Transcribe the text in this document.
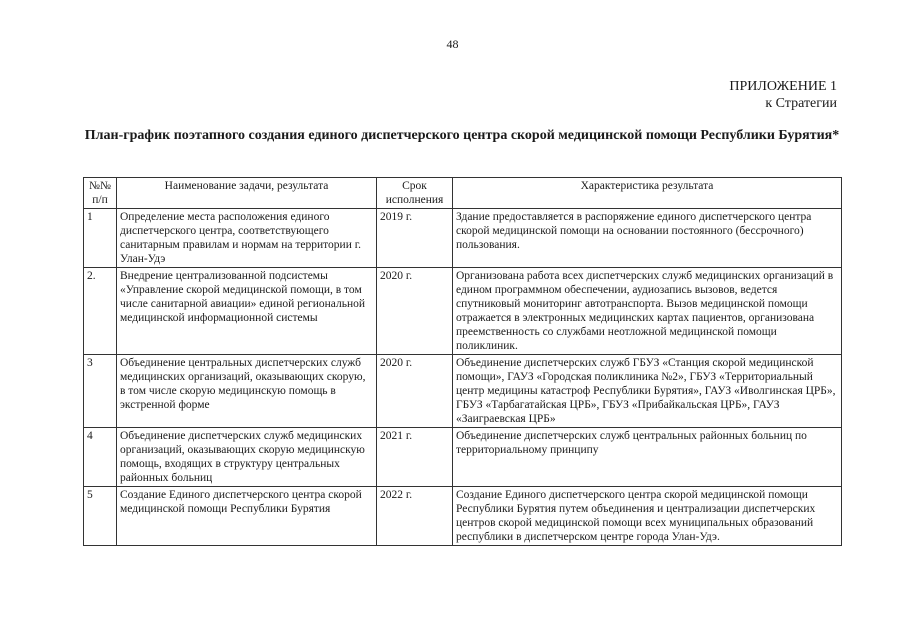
48
ПРИЛОЖЕНИЕ 1
к Стратегии
План-график поэтапного создания единого диспетчерского центра скорой медицинской помощи Республики Бурятия*
№№ п/п	Наименование задачи, результата	Срок исполнения	Характеристика результата
1	Определение места расположения единого диспетчерского центра, соответствующего санитарным правилам и нормам на территории г. Улан-Удэ	2019 г.	Здание предоставляется в распоряжение единого диспетчерского центра скорой медицинской помощи на основании постоянного (бессрочного) пользования.
2.	Внедрение централизованной подсистемы «Управление скорой медицинской помощи, в том числе санитарной авиации» единой региональной медицинской информационной системы	2020 г.	Организована работа всех диспетчерских служб медицинских организаций в едином программном обеспечении, аудиозапись вызовов, ведется спутниковый мониторинг автотранспорта. Вызов медицинской помощи отражается в электронных медицинских картах пациентов, организована преемственность со службами неотложной медицинской помощи поликлиник.
3	Объединение центральных диспетчерских служб медицинских организаций, оказывающих скорую, в том числе скорую медицинскую помощь в экстренной форме	2020 г.	Объединение диспетчерских служб ГБУЗ «Станция скорой медицинской помощи», ГАУЗ «Городская поликлиника №2», ГБУЗ «Территориальный центр медицины катастроф Республики Бурятия», ГАУЗ «Иволгинская ЦРБ», ГБУЗ «Тарбагатайская ЦРБ», ГБУЗ «Прибайкальская ЦРБ», ГАУЗ «Заиграевская ЦРБ»
4	Объединение диспетчерских служб медицинских организаций, оказывающих скорую медицинскую помощь, входящих в структуру центральных районных больниц	2021 г.	Объединение диспетчерских служб центральных районных больниц по территориальному принципу
5	Создание Единого диспетчерского центра скорой медицинской помощи Республики Бурятия	2022 г.	Создание Единого диспетчерского центра скорой медицинской помощи Республики Бурятия путем объединения и централизации диспетчерских центров скорой медицинской помощи всех муниципальных образований республики в диспетчерском центре города Улан-Удэ.
